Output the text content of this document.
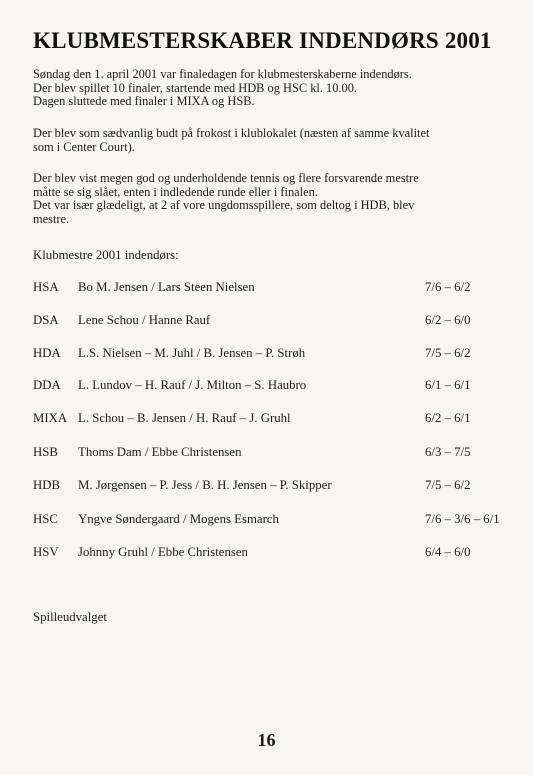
KLUBMESTERSKABER INDENDØRS 2001
Søndag den 1. april 2001 var finaledagen for klubmesterskaberne indendørs.
Der blev spillet 10 finaler, startende med HDB og HSC kl. 10.00.
Dagen sluttede med finaler i MIXA og HSB.
Der blev som sædvanlig budt på frokost i klublokalet (næsten af samme kvalitet
som i Center Court).
Der blev vist megen god og underholdende tennis og flere forsvarende mestre
måtte se sig slået, enten i indledende runde eller i finalen.
Det var især glædeligt, at 2 af vore ungdomsspillere, som deltog i HDB, blev
mestre.
Klubmestre 2001 indendørs:
HSA Bo M. Jensen / Lars Steen Nielsen	7/6 – 6/2
DSA Lene Schou / Hanne Rauf	6/2 – 6/0
HDA L.S. Nielsen – M. Juhl / B. Jensen – P. Strøh	7/5 – 6/2
DDA L. Lundov – H. Rauf / J. Milton – S. Haubro	6/1 – 6/1
MIXA L. Schou – B. Jensen / H. Rauf – J. Gruhl	6/2 – 6/1
HSB Thoms Dam / Ebbe Christensen	6/3 – 7/5
HDB M. Jørgensen – P. Jess / B. H. Jensen – P. Skipper	7/5 – 6/2
HSC Yngve Søndergaard / Mogens Esmarch	7/6 – 3/6 – 6/1
HSV Johnny Gruhl / Ebbe Christensen	6/4 – 6/0
Spilleudvalget
16
